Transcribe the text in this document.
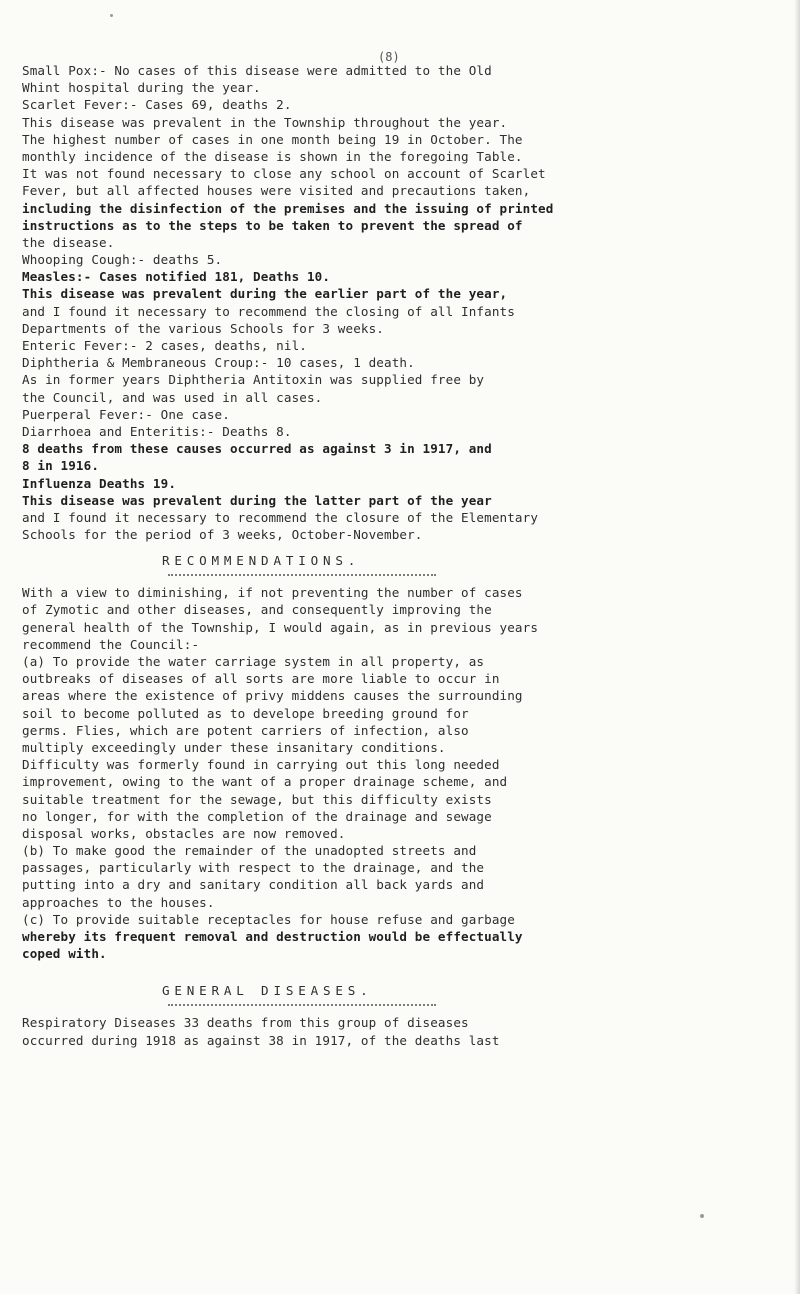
(8)
Small Pox:- No cases of this disease were admitted to the Old
Whint hospital during the year.
Scarlet Fever:- Cases 69, deaths 2.
This disease was prevalent in the Township throughout the year.
The highest number of cases in one month being 19 in October. The
monthly incidence of the disease is shown in the foregoing Table.
It was not found necessary to close any school on account of Scarlet
Fever, but all affected houses were visited and precautions taken,
including the disinfection of the premises and the issuing of printed
instructions as to the steps to be taken to prevent the spread of
the disease.
Whooping Cough:- deaths 5.
Measles:- Cases notified 181, Deaths 10.
This disease was prevalent during the earlier part of the year,
and I found it necessary to recommend the closing of all Infants
Departments of the various Schools for 3 weeks.
Enteric Fever:- 2 cases, deaths, nil.
Diphtheria & Membraneous Croup:- 10 cases, 1 death.
As in former years Diphtheria Antitoxin was supplied free by
the Council, and was used in all cases.
Puerperal Fever:- One case.
Diarrhoea and Enteritis:- Deaths 8.
8 deaths from these causes occurred as against 3 in 1917, and
8 in 1916.
Influenza Deaths 19.
This disease was prevalent during the latter part of the year
and I found it necessary to recommend the closure of the Elementary
Schools for the period of 3 weeks, October-November.
RECOMMENDATIONS.
With a view to diminishing, if not preventing the number of cases
of Zymotic and other diseases, and consequently improving the
general health of the Township, I would again, as in previous years
recommend the Council:-
(a) To provide the water carriage system in all property, as
outbreaks of diseases of all sorts are more liable to occur in
areas where the existence of privy middens causes the surrounding
soil to become polluted as to develope breeding ground for
germs. Flies, which are potent carriers of infection, also
multiply exceedingly under these insanitary conditions.
Difficulty was formerly found in carrying out this long needed
improvement, owing to the want of a proper drainage scheme, and
suitable treatment for the sewage, but this difficulty exists
no longer, for with the completion of the drainage and sewage
disposal works, obstacles are now removed.
(b) To make good the remainder of the unadopted streets and
passages, particularly with respect to the drainage, and the
putting into a dry and sanitary condition all back yards and
approaches to the houses.
(c) To provide suitable receptacles for house refuse and garbage
whereby its frequent removal and destruction would be effectually
coped with.
GENERAL DISEASES.
Respiratory Diseases 33 deaths from this group of diseases
occurred during 1918 as against 38 in 1917, of the deaths last
